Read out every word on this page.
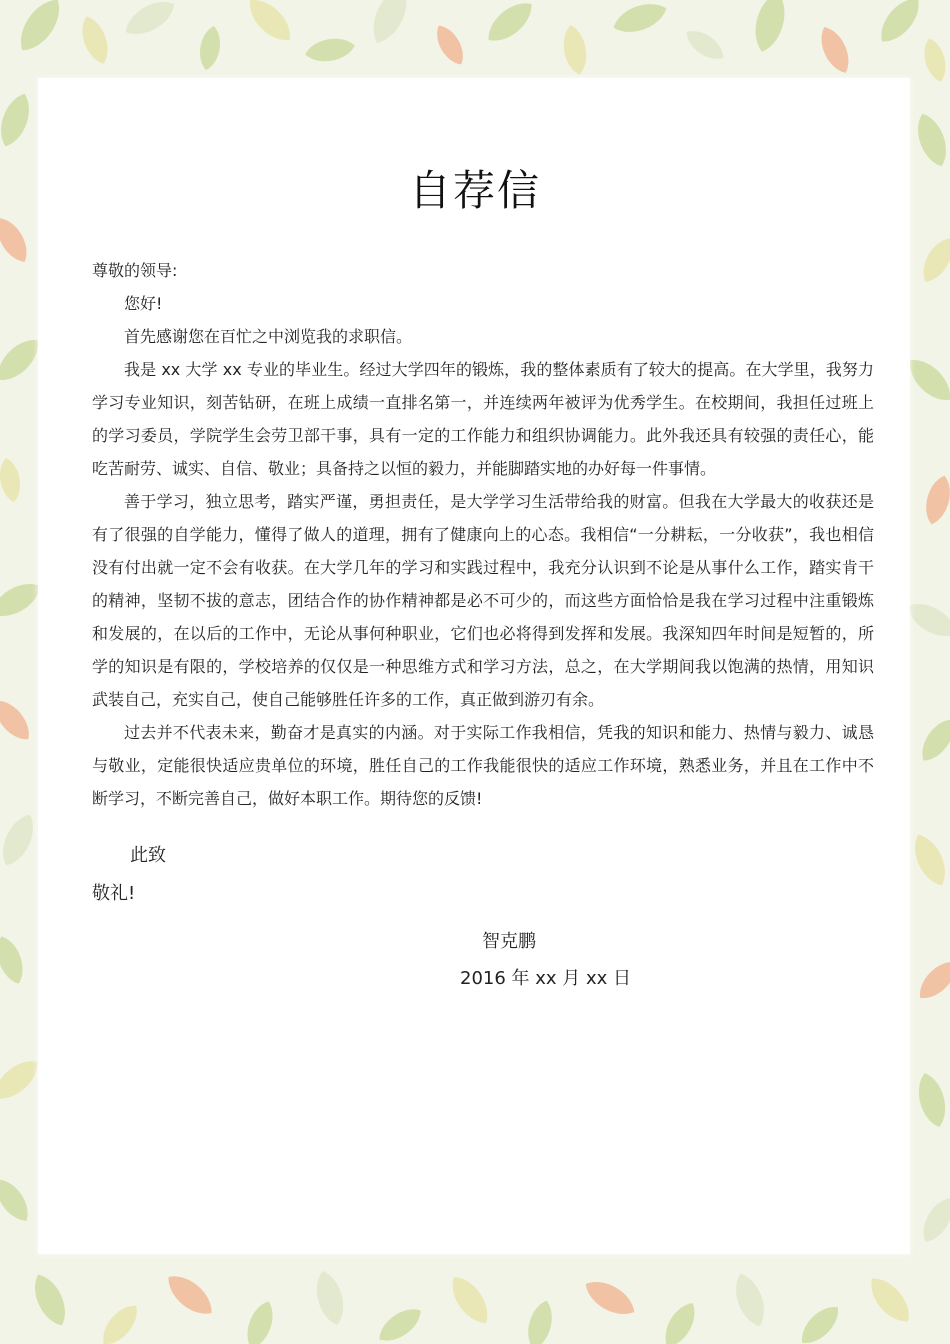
自荐信

尊敬的领导:

您好!

首先感谢您在百忙之中浏览我的求职信。

我是 xx 大学 xx 专业的毕业生。经过大学四年的锻炼，我的整体素质有了较大的提高。在大学里，我努力学习专业知识，刻苦钻研，在班上成绩一直排名第一，并连续两年被评为优秀学生。在校期间，我担任过班上的学习委员，学院学生会劳卫部干事，具有一定的工作能力和组织协调能力。此外我还具有较强的责任心，能吃苦耐劳、诚实、自信、敬业；具备持之以恒的毅力，并能脚踏实地的办好每一件事情。

善于学习，独立思考，踏实严谨，勇担责任，是大学学习生活带给我的财富。但我在大学最大的收获还是有了很强的自学能力，懂得了做人的道理，拥有了健康向上的心态。我相信“一分耕耘，一分收获”，我也相信没有付出就一定不会有收获。在大学几年的学习和实践过程中，我充分认识到不论是从事什么工作，踏实肯干的精神，坚韧不拔的意志，团结合作的协作精神都是必不可少的，而这些方面恰恰是我在学习过程中注重锻炼和发展的，在以后的工作中，无论从事何种职业，它们也必将得到发挥和发展。我深知四年时间是短暂的，所学的知识是有限的，学校培养的仅仅是一种思维方式和学习方法，总之，在大学期间我以饱满的热情，用知识武装自己，充实自己，使自己能够胜任许多的工作，真正做到游刃有余。

过去并不代表未来，勤奋才是真实的内涵。对于实际工作我相信，凭我的知识和能力、热情与毅力、诚恳与敬业，定能很快适应贵单位的环境，胜任自己的工作我能很快的适应工作环境，熟悉业务，并且在工作中不断学习，不断完善自己，做好本职工作。期待您的反馈!

此致
敬礼!
智克鹏
2016 年 xx 月 xx 日
